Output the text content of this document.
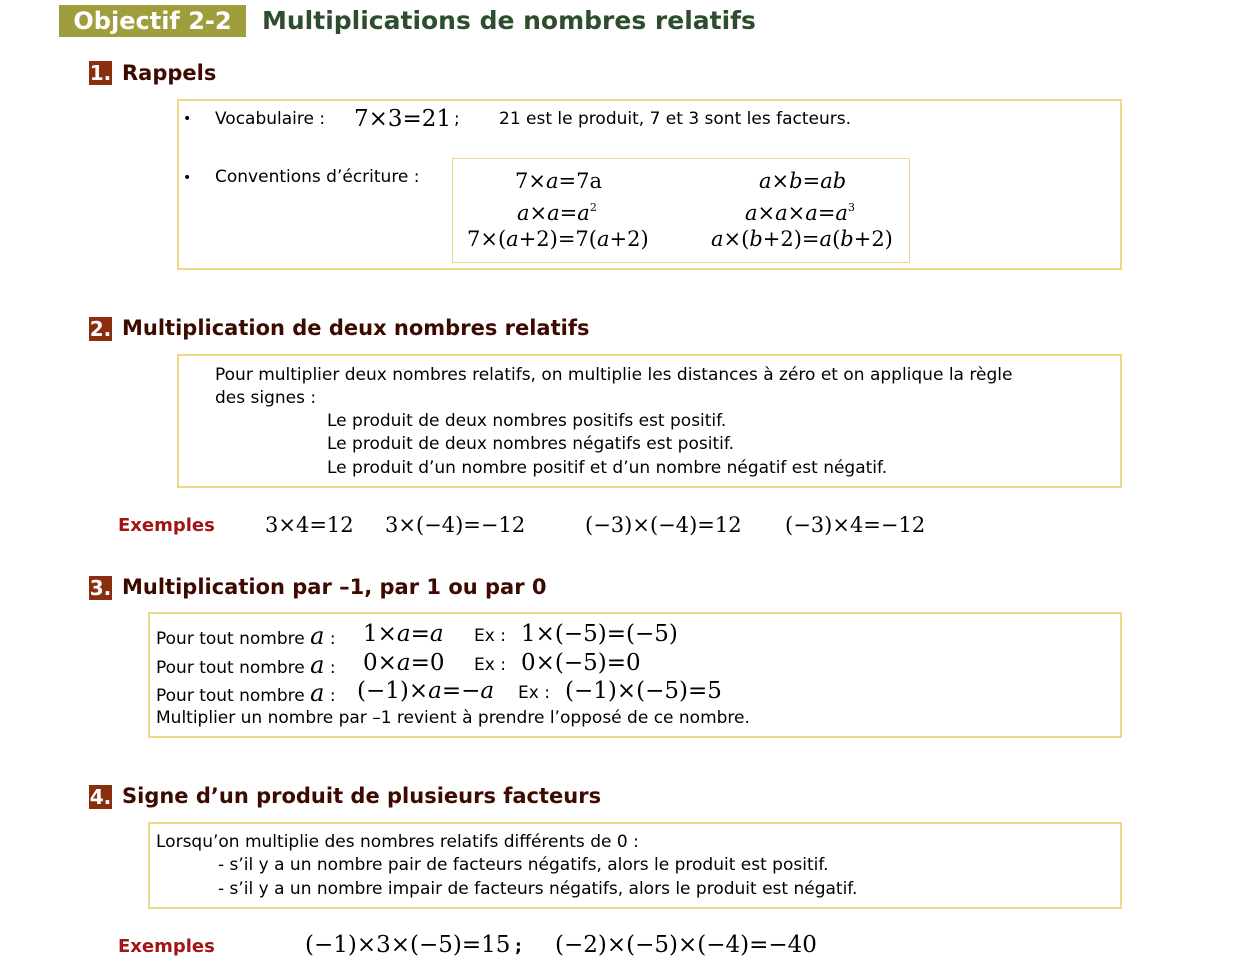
Objectif 2-2	Multiplications de nombres relatifs
1. Rappels
• Vocabulaire : 7×3=21 ; 21 est le produit, 7 et 3 sont les facteurs.
• Conventions d’écriture :	7×a=7a	a×b=ab
$a\times a=a^2$	$a\times a\times a=a^3$
7×(a+2)=7(a+2)	a×(b+2)=a(b+2)
2. Multiplication de deux nombres relatifs
Pour multiplier deux nombres relatifs, on multiplie les distances à zéro et on applique la règle
des signes :
Le produit de deux nombres positifs est positif.
Le produit de deux nombres négatifs est positif.
Le produit d’un nombre positif et d’un nombre négatif est négatif.
Exemples 3×4=12 3×(−4)=−12	(−3)×(−4)=12 (−3)×4=−12
3. Multiplication par –1, par 1 ou par 0
Pour tout nombre a : 1×a=a Ex : 1×(−5)=(−5)
Pour tout nombre a : 0×a=0 Ex : 0×(−5)=0
Pour tout nombre a : (−1)×a=−a Ex : (−1)×(−5)=5
Multiplier un nombre par –1 revient à prendre l’opposé de ce nombre.
4. Signe d’un produit de plusieurs facteurs
Lorsqu’on multiplie des nombres relatifs différents de 0 :
- s’il y a un nombre pair de facteurs négatifs, alors le produit est positif.
- s’il y a un nombre impair de facteurs négatifs, alors le produit est négatif.
Exemples	(−1)×3×(−5)=15 ; (−2)×(−5)×(−4)=−40
